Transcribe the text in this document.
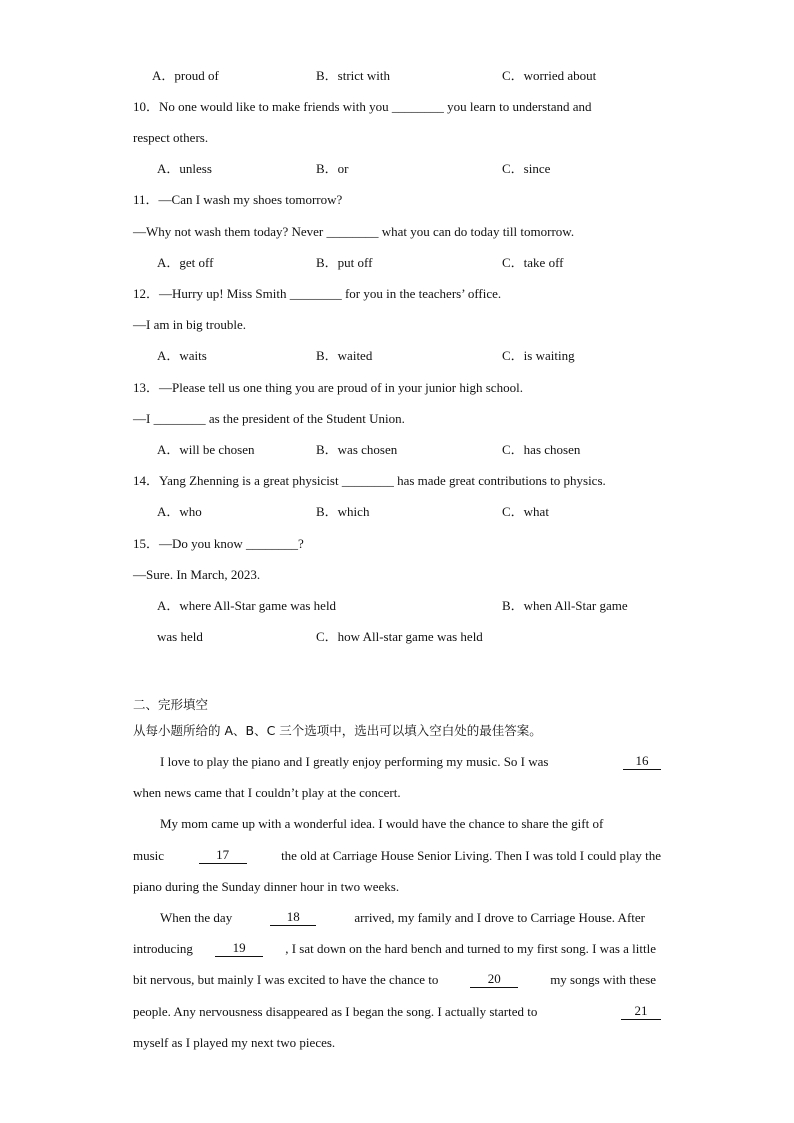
A．proud of	B．strict with	C．worried about
10．No one would like to make friends with you ________ you learn to understand and
respect others.
A．unless	B．or	C．since
11．—Can I wash my shoes tomorrow?
—Why not wash them today? Never ________ what you can do today till tomorrow.
A．get off	B．put off	C．take off
12．—Hurry up! Miss Smith ________ for you in the teachers’ office.
—I am in big trouble.
A．waits	B．waited	C．is waiting
13．—Please tell us one thing you are proud of in your junior high school.
—I ________ as the president of the Student Union.
A．will be chosen	B．was chosen	C．has chosen
14．Yang Zhenning is a great physicist ________ has made great contributions to physics.
A．who	B．which	C．what
15．—Do you know ________?
—Sure. In March, 2023.
A．where All-Star game was held	B．when All-Star game
was held	C．how All-star game was held
二、完形填空
从每小题所给的 A、B、C 三个选项中，选出可以填入空白处的最佳答案。
I love to play the piano and I greatly enjoy performing my music. So I was	16
when news came that I couldn’t play at the concert.
My mom came up with a wonderful idea. I would have the chance to share the gift of
music	17	the old at Carriage House Senior Living. Then I was told I could play the
piano during the Sunday dinner hour in two weeks.
When the day	18	arrived, my family and I drove to Carriage House. After
introducing	19	, I sat down on the hard bench and turned to my first song. I was a little
bit nervous, but mainly I was excited to have the chance to	20	my songs with these
people. Any nervousness disappeared as I began the song. I actually started to	21
myself as I played my next two pieces.
